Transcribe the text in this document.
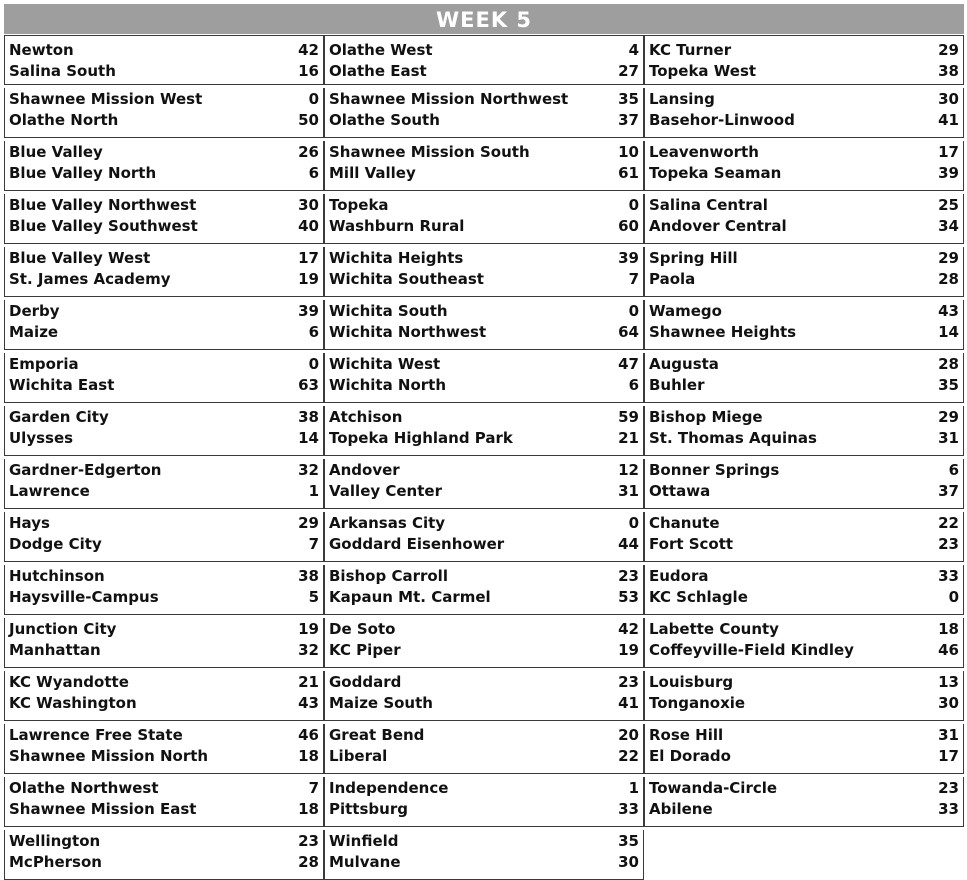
WEEK 5
Newton	42
Salina South	16
Shawnee Mission West	0
Olathe North	50
Blue Valley	26
Blue Valley North	6
Blue Valley Northwest	30
Blue Valley Southwest	40
Blue Valley West	17
St. James Academy	19
Derby	39
Maize	6
Emporia	0
Wichita East	63
Garden City	38
Ulysses	14
Gardner-Edgerton	32
Lawrence	1
Hays	29
Dodge City	7
Hutchinson	38
Haysville-Campus	5
Junction City	19
Manhattan	32
KC Wyandotte	21
KC Washington	43
Lawrence Free State	46
Shawnee Mission North	18
Olathe Northwest	7
Shawnee Mission East	18
Wellington	23
McPherson	28
Olathe West	4
Olathe East	27
Shawnee Mission Northwest	35
Olathe South	37
Shawnee Mission South	10
Mill Valley	61
Topeka	0
Washburn Rural	60
Wichita Heights	39
Wichita Southeast	7
Wichita South	0
Wichita Northwest	64
Wichita West	47
Wichita North	6
Atchison	59
Topeka Highland Park	21
Andover	12
Valley Center	31
Arkansas City	0
Goddard Eisenhower	44
Bishop Carroll	23
Kapaun Mt. Carmel	53
De Soto	42
KC Piper	19
Goddard	23
Maize South	41
Great Bend	20
Liberal	22
Independence	1
Pittsburg	33
Winfield	35
Mulvane	30
KC Turner	29
Topeka West	38
Lansing	30
Basehor-Linwood	41
Leavenworth	17
Topeka Seaman	39
Salina Central	25
Andover Central	34
Spring Hill	29
Paola	28
Wamego	43
Shawnee Heights	14
Augusta	28
Buhler	35
Bishop Miege	29
St. Thomas Aquinas	31
Bonner Springs	6
Ottawa	37
Chanute	22
Fort Scott	23
Eudora	33
KC Schlagle	0
Labette County	18
Coffeyville-Field Kindley	46
Louisburg	13
Tonganoxie	30
Rose Hill	31
El Dorado	17
Towanda-Circle	23
Abilene	33
